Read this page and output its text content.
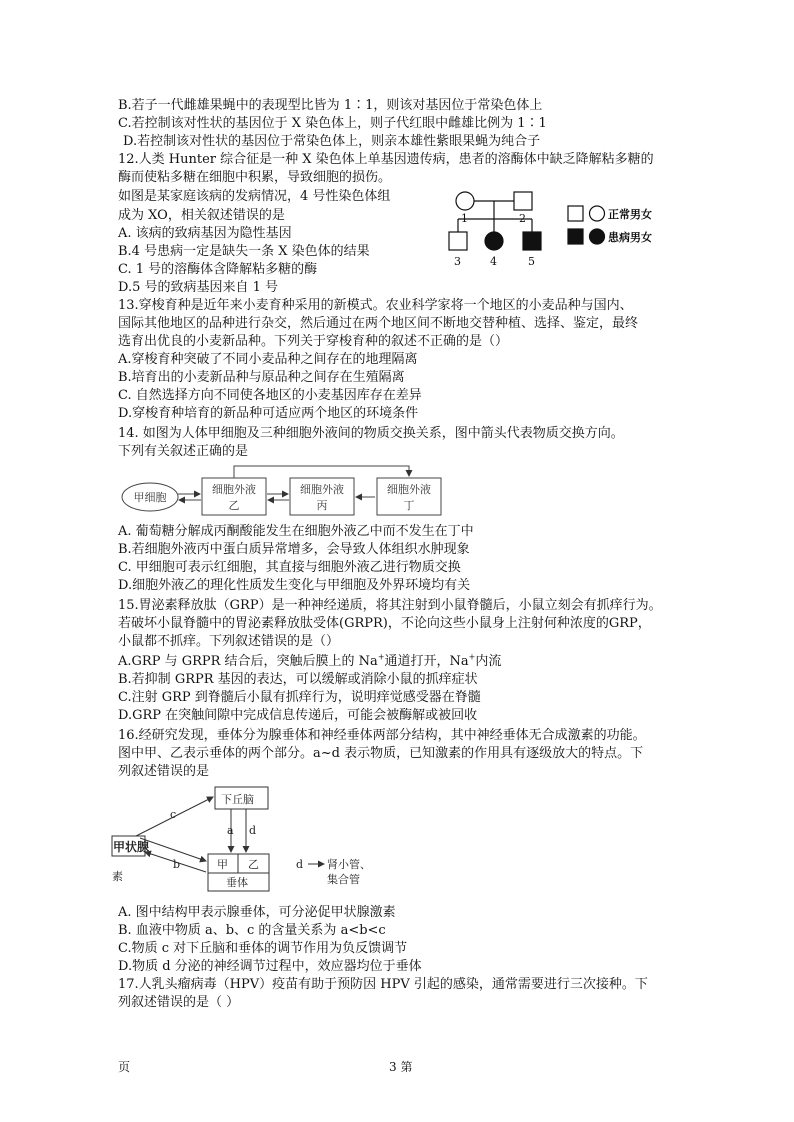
B.若子一代雌雄果蝇中的表现型比皆为 1∶1，则该对基因位于常染色体上
C.若控制该对性状的基因位于 X 染色体上，则子代红眼中雌雄比例为 1∶1
D.若控制该对性状的基因位于常染色体上，则亲本雄性紫眼果蝇为纯合子
12.人类 Hunter 综合征是一种 X 染色体上单基因遗传病，患者的溶酶体中缺乏降解粘多糖的
酶而使粘多糖在细胞中积累，导致细胞的损伤。
如图是某家庭该病的发病情况，4 号性染色体组
成为 XO，相关叙述错误的是
A. 该病的致病基因为隐性基因
B.4 号患病一定是缺失一条 X 染色体的结果
C. 1 号的溶酶体含降解粘多糖的酶
D.5 号的致病基因来自 1 号
13.穿梭育种是近年来小麦育种采用的新模式。农业科学家将一个地区的小麦品种与国内、
国际其他地区的品种进行杂交，然后通过在两个地区间不断地交替种植、选择、鉴定，最终
选育出优良的小麦新品种。下列关于穿梭育种的叙述不正确的是（）
A.穿梭育种突破了不同小麦品种之间存在的地理隔离
B.培育出的小麦新品种与原品种之间存在生殖隔离
C. 自然选择方向不同使各地区的小麦基因库存在差异
D.穿梭育种培育的新品种可适应两个地区的环境条件
14. 如图为人体甲细胞及三种细胞外液间的物质交换关系，图中箭头代表物质交换方向。
下列有关叙述正确的是
A. 葡萄糖分解成丙酮酸能发生在细胞外液乙中而不发生在丁中
B.若细胞外液丙中蛋白质异常增多，会导致人体组织水肿现象
C. 甲细胞可表示红细胞，其直接与细胞外液乙进行物质交换
D.细胞外液乙的理化性质发生变化与甲细胞及外界环境均有关
15.胃泌素释放肽（GRP）是一种神经递质，将其注射到小鼠脊髓后，小鼠立刻会有抓痒行为。
若破坏小鼠脊髓中的胃泌素释放肽受体(GRPR)，不论向这些小鼠身上注射何种浓度的GRP，
小鼠都不抓痒。下列叙述错误的是（）
A.GRP 与 GRPR 结合后，突触后膜上的 Na+通道打开，Na+内流
B.若抑制 GRPR 基因的表达，可以缓解或消除小鼠的抓痒症状
C.注射 GRP 到脊髓后小鼠有抓痒行为，说明痒觉感受器在脊髓
D.GRP 在突触间隙中完成信息传递后，可能会被酶解或被回收
16.经研究发现，垂体分为腺垂体和神经垂体两部分结构，其中神经垂体无合成激素的功能。
图中甲、乙表示垂体的两个部分。a~d 表示物质，已知激素的作用具有逐级放大的特点。下
列叙述错误的是
A. 图中结构甲表示腺垂体，可分泌促甲状腺激素
B. 血液中物质 a、b、c 的含量关系为 a<b<c
C.物质 c 对下丘脑和垂体的调节作用为负反馈调节
D.物质 d 分泌的神经调节过程中，效应器均位于垂体
17.人乳头瘤病毒（HPV）疫苗有助于预防因 HPV 引起的感染，通常需要进行三次接种。下
列叙述错误的是（ ）
1	2
3	4	5
正常男女
患病男女
甲细胞
细胞外液
乙
细胞外液
丙
细胞外液
丁
下丘脑
甲状腺
甲 乙
垂体
a d
c
b	d 肾小管、
集合管
素
页	3 第
